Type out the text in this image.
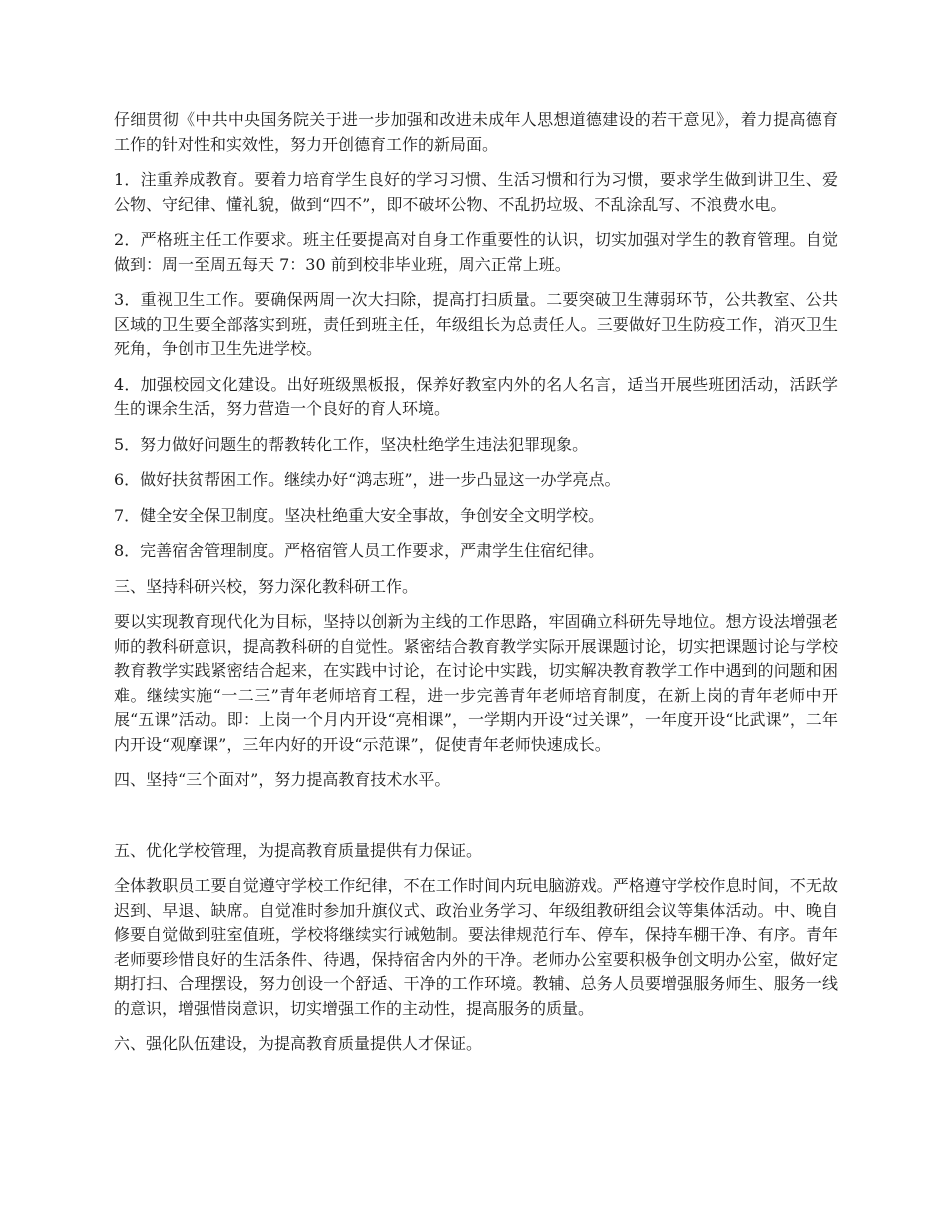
仔细贯彻《中共中央国务院关于进一步加强和改进未成年人思想道德建设的若干意见》，着力提高德育工作的针对性和实效性，努力开创德育工作的新局面。

1．注重养成教育。要着力培育学生良好的学习习惯、生活习惯和行为习惯，要求学生做到讲卫生、爱公物、守纪律、懂礼貌，做到“四不”，即不破坏公物、不乱扔垃圾、不乱涂乱写、不浪费水电。

2．严格班主任工作要求。班主任要提高对自身工作重要性的认识，切实加强对学生的教育管理。自觉做到：周一至周五每天 7：30 前到校非毕业班，周六正常上班。

3．重视卫生工作。要确保两周一次大扫除，提高打扫质量。二要突破卫生薄弱环节，公共教室、公共区域的卫生要全部落实到班，责任到班主任，年级组长为总责任人。三要做好卫生防疫工作，消灭卫生死角，争创市卫生先进学校。

4．加强校园文化建设。出好班级黑板报，保养好教室内外的名人名言，适当开展些班团活动，活跃学生的课余生活，努力营造一个良好的育人环境。

5．努力做好问题生的帮教转化工作，坚决杜绝学生违法犯罪现象。

6．做好扶贫帮困工作。继续办好“鸿志班”，进一步凸显这一办学亮点。

7．健全安全保卫制度。坚决杜绝重大安全事故，争创安全文明学校。

8．完善宿舍管理制度。严格宿管人员工作要求，严肃学生住宿纪律。

三、坚持科研兴校，努力深化教科研工作。

要以实现教育现代化为目标，坚持以创新为主线的工作思路，牢固确立科研先导地位。想方设法增强老师的教科研意识，提高教科研的自觉性。紧密结合教育教学实际开展课题讨论，切实把课题讨论与学校教育教学实践紧密结合起来，在实践中讨论，在讨论中实践，切实解决教育教学工作中遇到的问题和困难。继续实施“一二三”青年老师培育工程，进一步完善青年老师培育制度，在新上岗的青年老师中开展“五课”活动。即：上岗一个月内开设“亮相课”，一学期内开设“过关课”，一年度开设“比武课”，二年内开设“观摩课”，三年内好的开设“示范课”，促使青年老师快速成长。

四、坚持“三个面对”，努力提高教育技术水平。

五、优化学校管理，为提高教育质量提供有力保证。

全体教职员工要自觉遵守学校工作纪律，不在工作时间内玩电脑游戏。严格遵守学校作息时间，不无故迟到、早退、缺席。自觉准时参加升旗仪式、政治业务学习、年级组教研组会议等集体活动。中、晚自修要自觉做到驻室值班，学校将继续实行诫勉制。要法律规范行车、停车，保持车棚干净、有序。青年老师要珍惜良好的生活条件、待遇，保持宿舍内外的干净。老师办公室要积极争创文明办公室，做好定期打扫、合理摆设，努力创设一个舒适、干净的工作环境。教辅、总务人员要增强服务师生、服务一线的意识，增强惜岗意识，切实增强工作的主动性，提高服务的质量。

六、强化队伍建设，为提高教育质量提供人才保证。
